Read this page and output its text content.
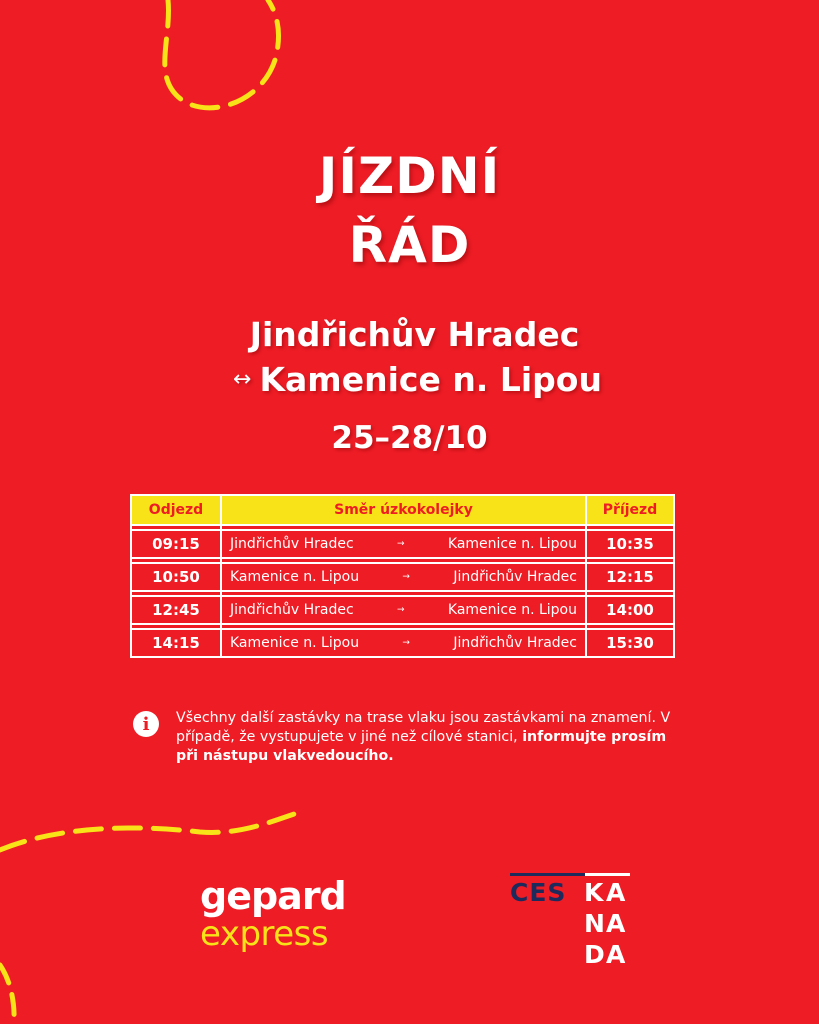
JÍZDNÍ
ŘÁD
Jindřichův Hradec
↔ Kamenice n. Lipou
25–28/10
Odjezd	Směr úzkokolejky	Příjezd

09:15	Jindřichův Hradec → Kamenice n. Lipou	10:35

10:50	Kamenice n. Lipou → Jindřichův Hradec	12:15

12:45	Jindřichův Hradec → Kamenice n. Lipou	14:00

14:15	Kamenice n. Lipou → Jindřichův Hradec	15:30
i	Všechny další zastávky na trase vlaku jsou zastávkami na znamení. V případě, že vystupujete v jiné než cílové stanici, informujte prosím při nástupu vlakvedoucího.
gepard
express
CES K A
N A
D A
